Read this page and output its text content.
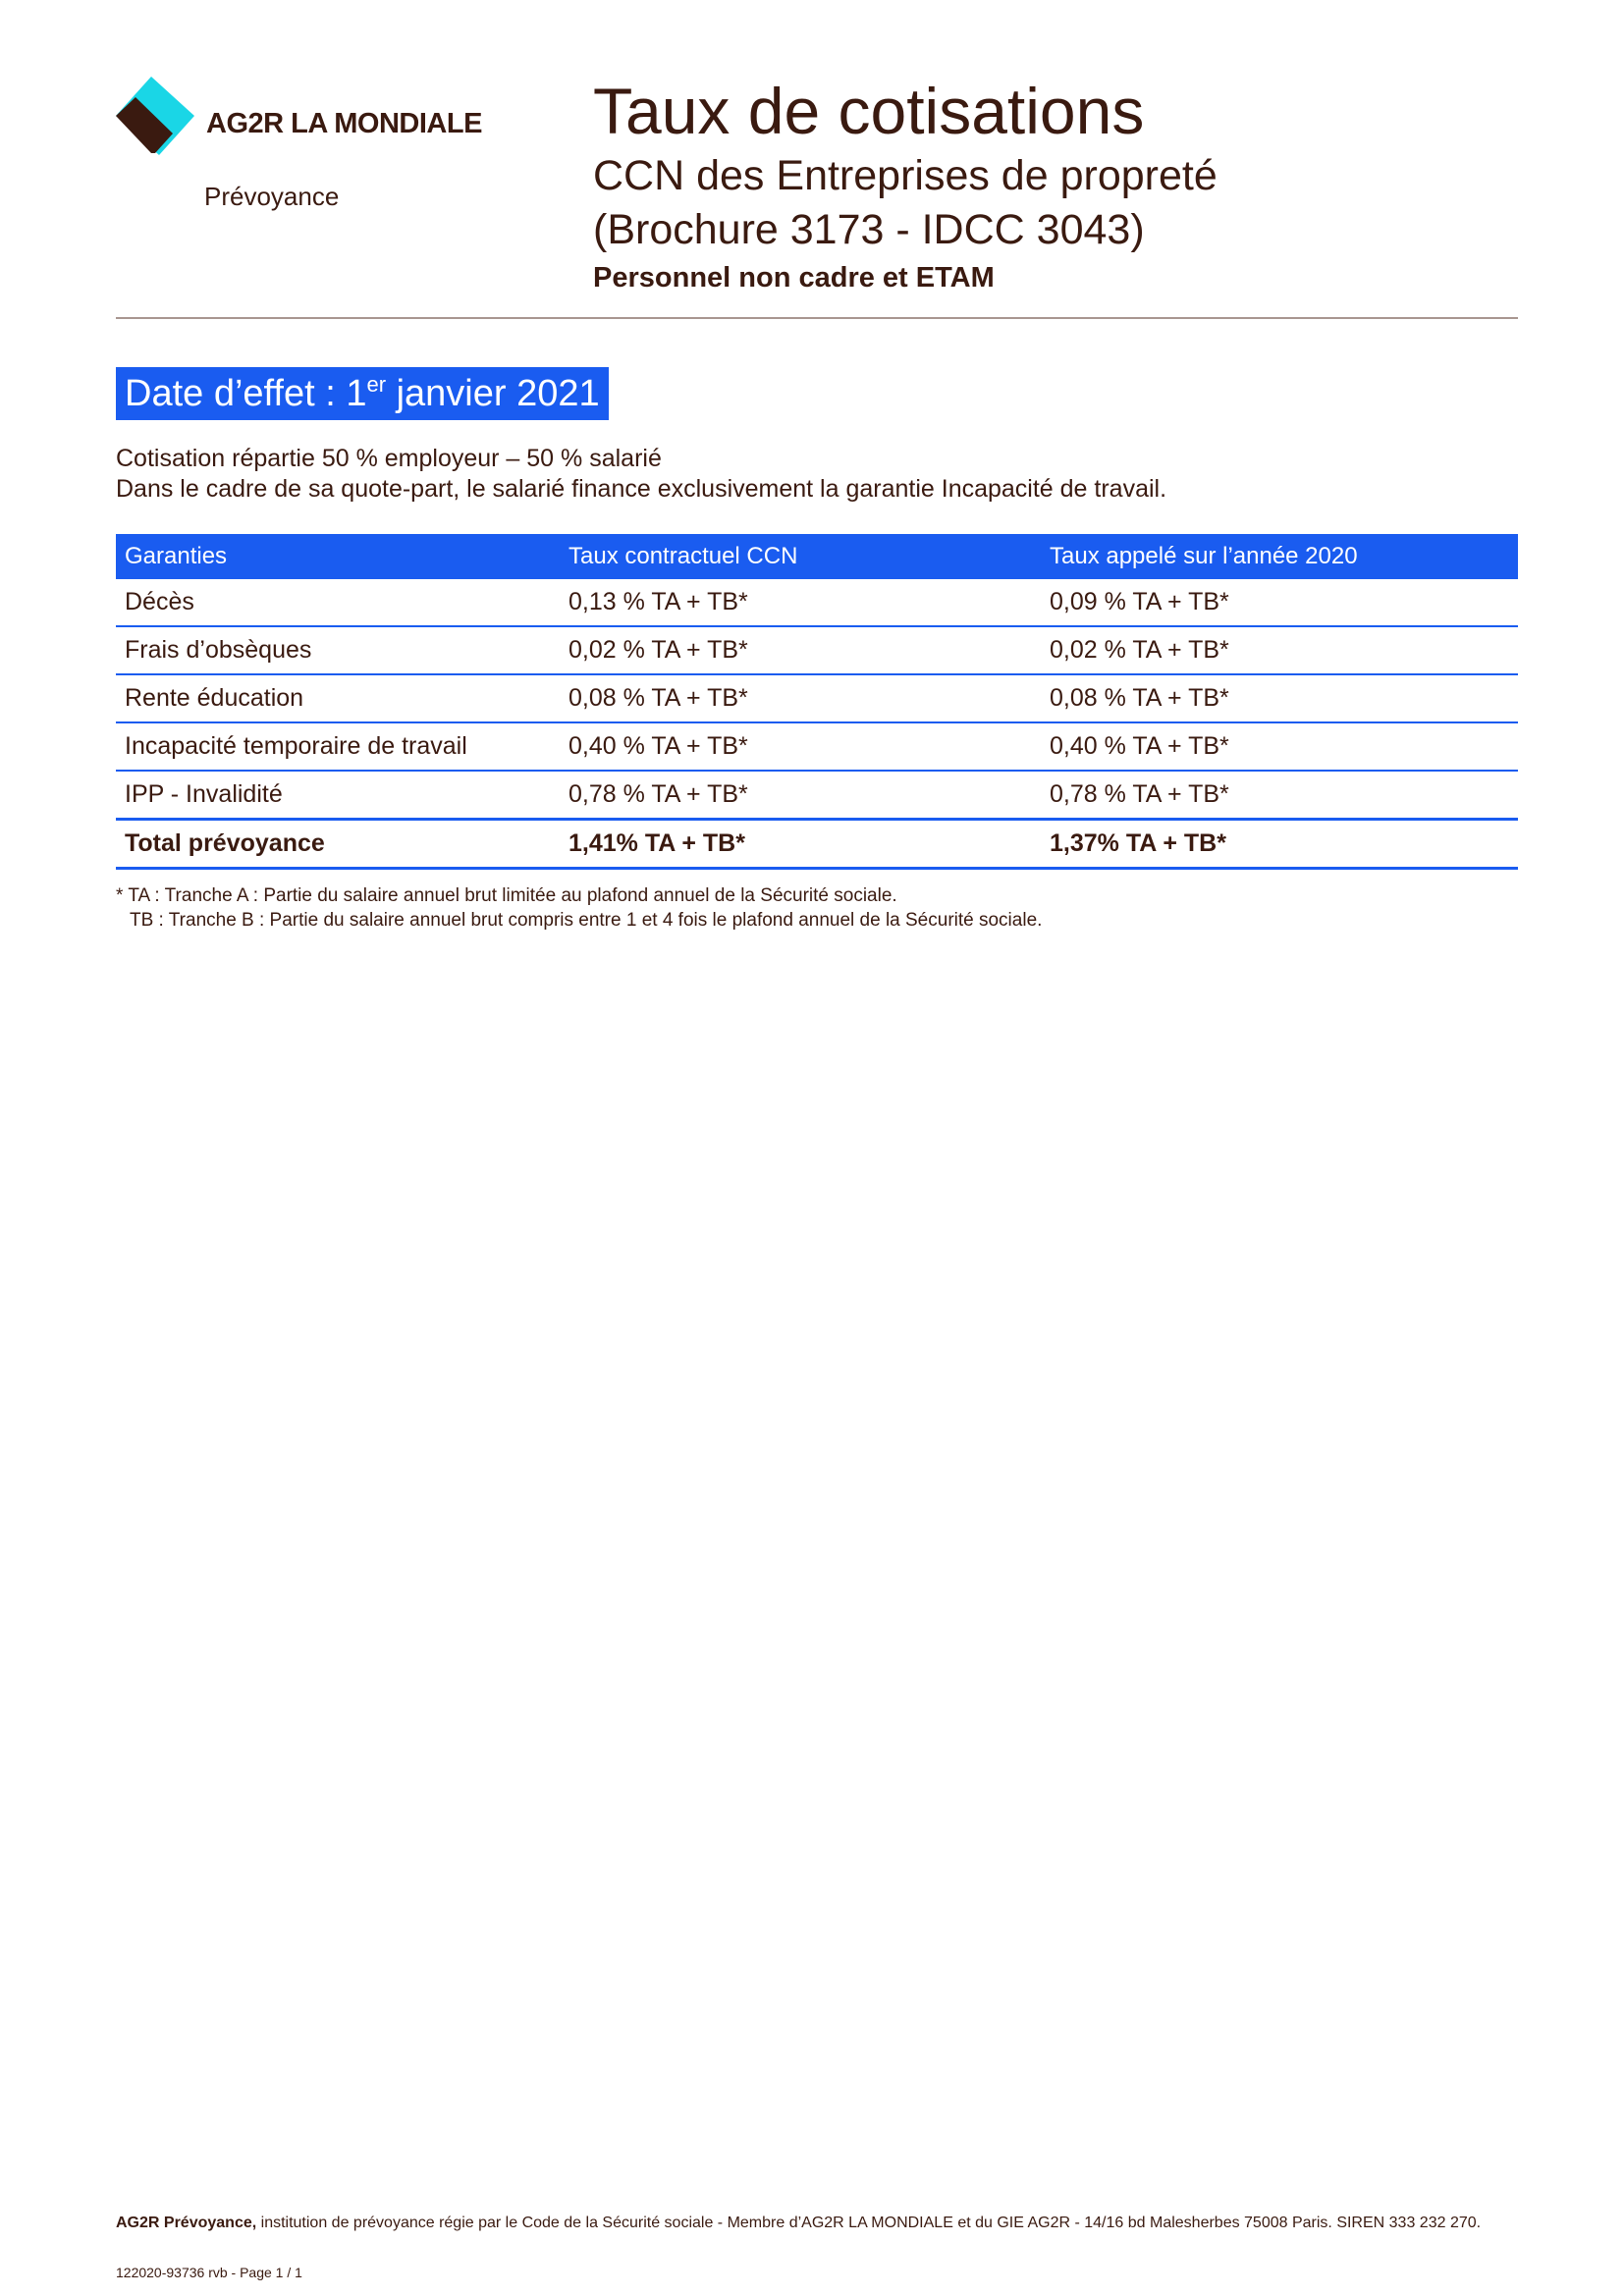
AG2R LA MONDIALE
Prévoyance
Taux de cotisations
CCN des Entreprises de propreté
(Brochure 3173 - IDCC 3043)
Personnel non cadre et ETAM
Date d’effet : 1er janvier 2021
Cotisation répartie 50 % employeur – 50 % salarié
Dans le cadre de sa quote-part, le salarié finance exclusivement la garantie Incapacité de travail.
Garanties	Taux contractuel CCN	Taux appelé sur l’année 2020
Décès	0,13 % TA + TB*	0,09 % TA + TB*
Frais d’obsèques	0,02 % TA + TB*	0,02 % TA + TB*
Rente éducation	0,08 % TA + TB*	0,08 % TA + TB*
Incapacité temporaire de travail	0,40 % TA + TB*	0,40 % TA + TB*
IPP - Invalidité	0,78 % TA + TB*	0,78 % TA + TB*
Total prévoyance	1,41% TA + TB*	1,37% TA + TB*
* TA : Tranche A : Partie du salaire annuel brut limitée au plafond annuel de la Sécurité sociale.
TB : Tranche B : Partie du salaire annuel brut compris entre 1 et 4 fois le plafond annuel de la Sécurité sociale.
AG2R Prévoyance, institution de prévoyance régie par le Code de la Sécurité sociale - Membre d’AG2R LA MONDIALE et du GIE AG2R - 14/16 bd Malesherbes 75008 Paris. SIREN 333 232 270.
122020-93736 rvb - Page 1 / 1
